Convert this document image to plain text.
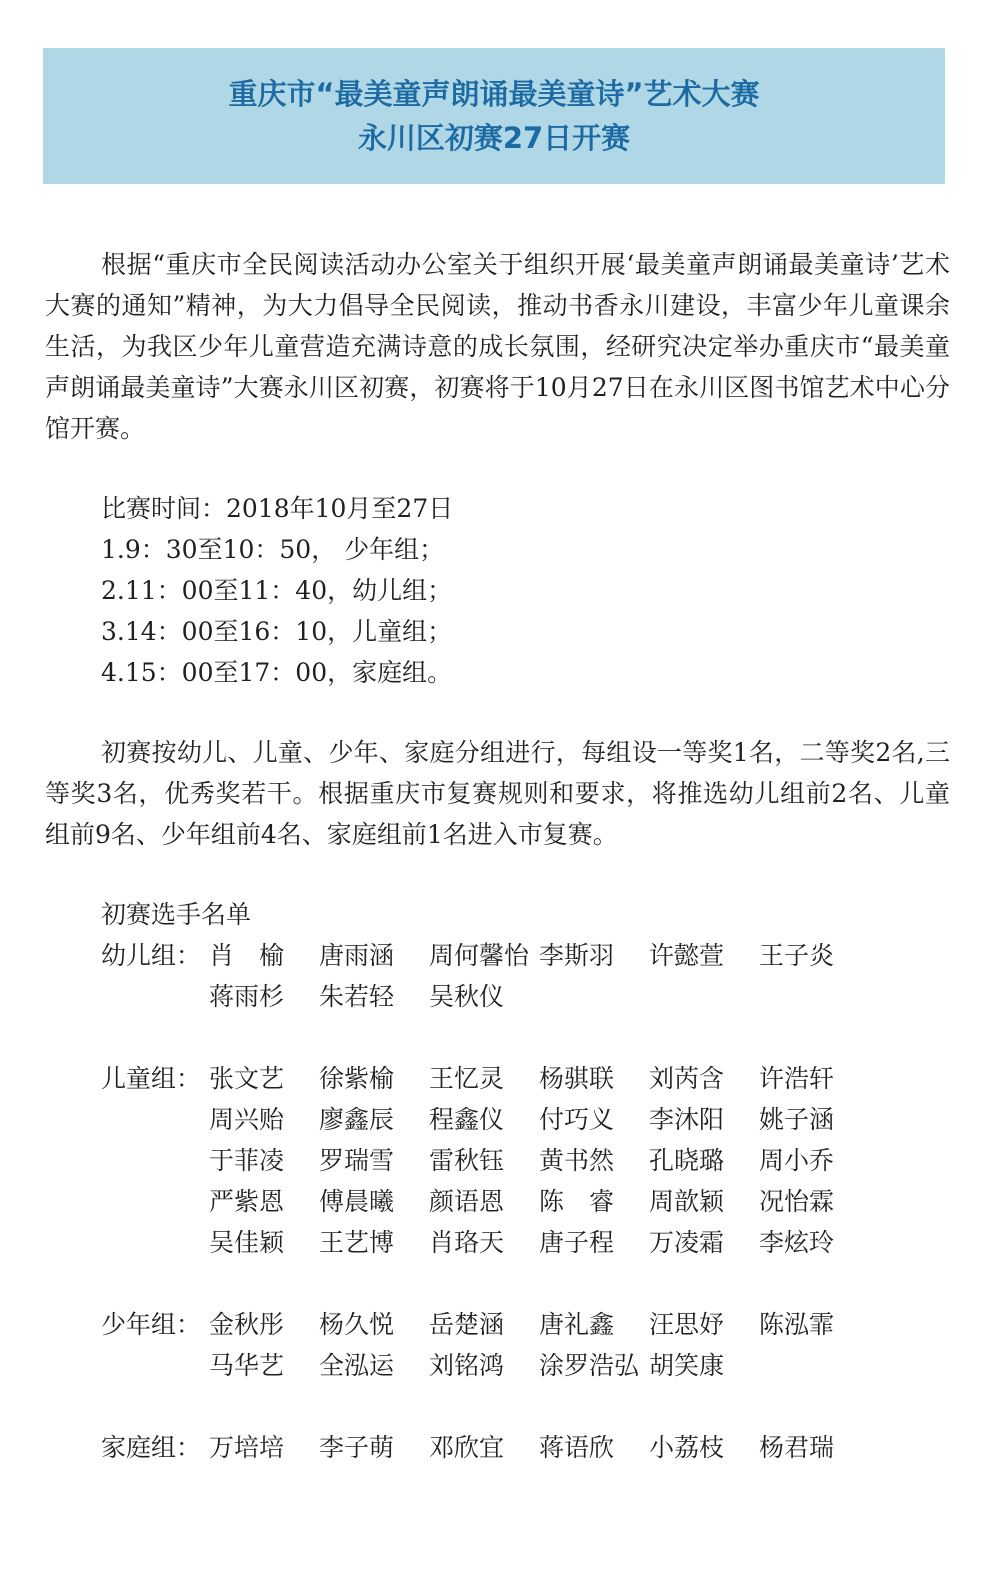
重庆市“最美童声朗诵最美童诗”艺术大赛
永川区初赛27日开赛

根据“重庆市全民阅读活动办公室关于组织开展‘最美童声朗诵最美童诗’艺术大赛的通知”精神，为大力倡导全民阅读，推动书香永川建设，丰富少年儿童课余生活，为我区少年儿童营造充满诗意的成长氛围，经研究决定举办重庆市“最美童声朗诵最美童诗”大赛永川区初赛，初赛将于10月27日在永川区图书馆艺术中心分馆开赛。

比赛时间：2018年10月至27日
1.9：30至10：50， 少年组；
2.11：00至11：40，幼儿组；
3.14：00至16：10，儿童组；
4.15：00至17：00，家庭组。

初赛按幼儿、儿童、少年、家庭分组进行，每组设一等奖1名，二等奖2名,三等奖3名，优秀奖若干。根据重庆市复赛规则和要求，将推选幼儿组前2名、儿童组前9名、少年组前4名、家庭组前1名进入市复赛。

初赛选手名单
幼儿组： 肖　榆	唐雨涵	周何馨怡 李斯羽	许懿萱	王子炎
蒋雨杉	朱若轻	吴秋仪
儿童组： 张文艺	徐紫榆	王忆灵	杨骐联	刘芮含	许浩轩
周兴贻	廖鑫辰	程鑫仪	付巧义	李沐阳	姚子涵
于菲凌	罗瑞雪	雷秋钰	黄书然	孔晓璐	周小乔
严紫恩	傅晨曦	颜语恩	陈　睿	周歆颖	况怡霖
吴佳颖	王艺博	肖珞天	唐子程	万凌霜	李炫玲
少年组： 金秋彤	杨久悦	岳楚涵	唐礼鑫	汪思妤	陈泓霏
马华艺	全泓运	刘铭鸿	涂罗浩弘 胡笑康
家庭组： 万培培	李子萌	邓欣宜	蒋语欣	小荔枝	杨君瑞
